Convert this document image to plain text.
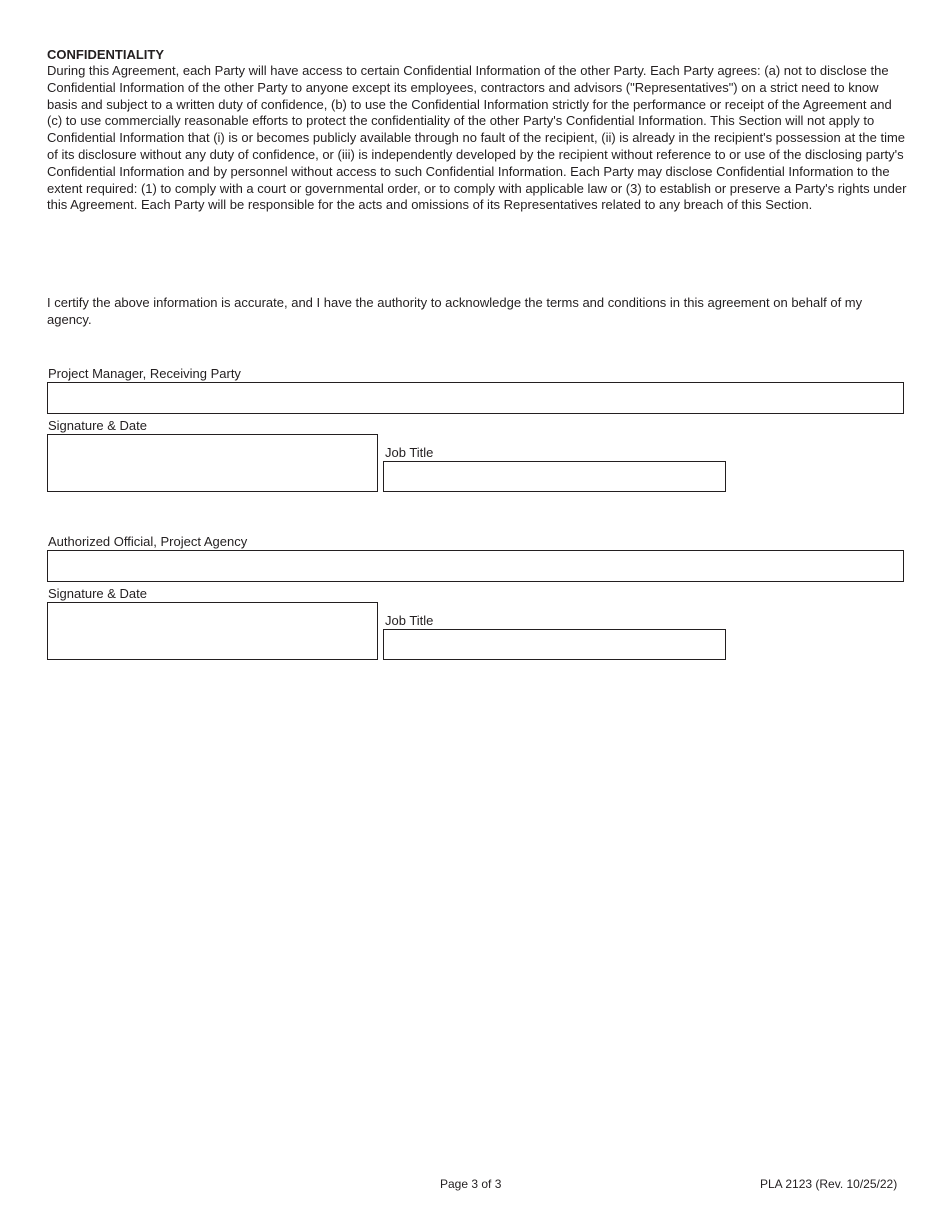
CONFIDENTIALITY

During this Agreement, each Party will have access to certain Confidential Information of the other Party. Each Party agrees: (a) not to disclose the Confidential Information of the other Party to anyone except its employees, contractors and advisors ("Representatives") on a strict need to know basis and subject to a written duty of confidence, (b) to use the Confidential Information strictly for the performance or receipt of the Agreement and (c) to use commercially reasonable efforts to protect the confidentiality of the other Party's Confidential Information. This Section will not apply to Confidential Information that (i) is or becomes publicly available through no fault of the recipient, (ii) is already in the recipient's possession at the time of its disclosure without any duty of confidence, or (iii) is independently developed by the recipient without reference to or use of the disclosing party's Confidential Information and by personnel without access to such Confidential Information. Each Party may disclose Confidential Information to the extent required: (1) to comply with a court or governmental order, or to comply with applicable law or (3) to establish or preserve a Party's rights under this Agreement. Each Party will be responsible for the acts and omissions of its Representatives related to any breach of this Section.

I certify the above information is accurate, and I have the authority to acknowledge the terms and conditions in this agreement on behalf of my agency.

Project Manager, Receiving Party
Signature & Date
Job Title
Authorized Official, Project Agency
Signature & Date
Job Title
Page 3 of 3	PLA 2123 (Rev. 10/25/22)
